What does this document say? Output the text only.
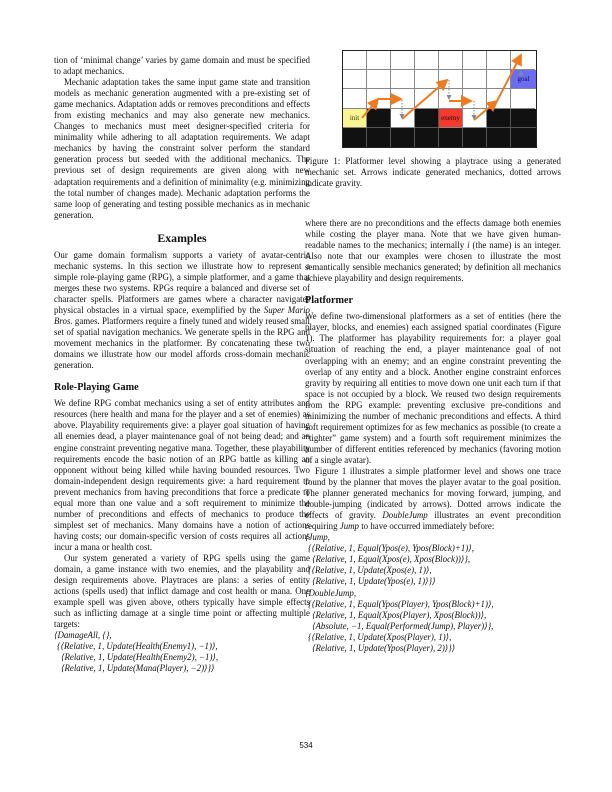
tion of ‘minimal change’ varies by game domain and must be specified to adapt mechanics.

Mechanic adaptation takes the same input game state and transition models as mechanic generation augmented with a pre-existing set of game mechanics. Adaptation adds or removes preconditions and effects from existing mechanics and may also generate new mechanics. Changes to mechanics must meet designer-specified criteria for minimality while adhering to all adaptation requirements. We adapt mechanics by having the constraint solver perform the standard generation process but seeded with the additional mechanics. The previous set of design requirements are given along with new adaptation requirements and a definition of minimality (e.g. minimizing the total number of changes made). Mechanic adaptation performs the same loop of generating and testing possible mechanics as in mechanic generation.

Examples

Our game domain formalism supports a variety of avatar-centric mechanic systems. In this section we illustrate how to represent a simple role-playing game (RPG), a simple platformer, and a game that merges these two systems. RPGs require a balanced and diverse set of character spells. Platformers are games where a character navigates physical obstacles in a virtual space, exemplified by the Super Mario Bros. games. Platformers require a finely tuned and widely reused small set of spatial navigation mechanics. We generate spells in the RPG and movement mechanics in the platformer. By concatenating these two domains we illustrate how our model affords cross-domain mechanic generation.

Role-Playing Game

We define RPG combat mechanics using a set of entity attributes and resources (here health and mana for the player and a set of enemies) as above. Playability requirements give: a player goal situation of having all enemies dead, a player maintenance goal of not being dead; and an engine constraint preventing negative mana. Together, these playability requirements encode the basic notion of an RPG battle as killing an opponent without being killed while having bounded resources. Two domain-independent design requirements give: a hard requirement to prevent mechanics from having preconditions that force a predicate to equal more than one value and a soft requirement to minimize the number of preconditions and effects of mechanics to produce the simplest set of mechanics. Many domains have a notion of actions having costs; our domain-specific version of costs requires all actions incur a mana or health cost.

Our system generated a variety of RPG spells using the game domain, a game instance with two enemies, and the playability and design requirements above. Playtraces are plans: a series of entity actions (spells used) that inflict damage and cost health or mana. One example spell was given above, others typically have simple effects such as inflicting damage at a single time point or affecting multiple targets:

⟨DamageAll, {},
{⟨Relative, 1, Update(Health(Enemy1), −1)⟩,
⟨Relative, 1, Update(Health(Enemy2), −1)⟩,
⟨Relative, 1, Update(Mana(Player), −2)⟩}⟩
goal
init	enemy
Figure 1: Platformer level showing a playtrace using a generated mechanic set. Arrows indicate generated mechanics, dotted arrows indicate gravity.

where there are no preconditions and the effects damage both enemies while costing the player mana. Note that we have given human-readable names to the mechanics; internally i (the name) is an integer. Also note that our examples were chosen to illustrate the most semantically sensible mechanics generated; by definition all mechanics achieve playability and design requirements.

Platformer

We define two-dimensional platformers as a set of entities (here the player, blocks, and enemies) each assigned spatial coordinates (Figure 1). The platformer has playability requirements for: a player goal situation of reaching the end, a player maintenance goal of not overlapping with an enemy; and an engine constraint preventing the overlap of any entity and a block. Another engine constraint enforces gravity by requiring all entities to move down one unit each turn if that space is not occupied by a block. We reused two design requirements from the RPG example: preventing exclusive pre-conditions and minimizing the number of mechanic preconditions and effects. A third soft requirement optimizes for as few mechanics as possible (to create a “tighter” game system) and a fourth soft requirement minimizes the number of different entities referenced by mechanics (favoring motion of a single avatar).

Figure 1 illustrates a simple platformer level and shows one trace found by the planner that moves the player avatar to the goal position. The planner generated mechanics for moving forward, jumping, and double-jumping (indicated by arrows). Dotted arrows indicate the effects of gravity. DoubleJump illustrates an event precondition requiring Jump to have occurred immediately before:

⟨Jump,
{⟨Relative, 1, Equal(Ypos(e), Ypos(Block)+1)⟩,
⟨Relative, 1, Equal(Xpos(e), Xpos(Block))⟩},
{⟨Relative, 1, Update(Xpos(e), 1)⟩,
⟨Relative, 1, Update(Ypos(e), 1)⟩}⟩
⟨DoubleJump,
{⟨Relative, 1, Equal(Ypos(Player), Ypos(Block)+1)⟩,
⟨Relative, 1, Equal(Xpos(Player), Xpos(Block))⟩,
⟨Absolute, −1, Equal(Performed(Jump), Player)⟩},
{⟨Relative, 1, Update(Xpos(Player), 1)⟩,
⟨Relative, 1, Update(Ypos(Player), 2)⟩}⟩
534
